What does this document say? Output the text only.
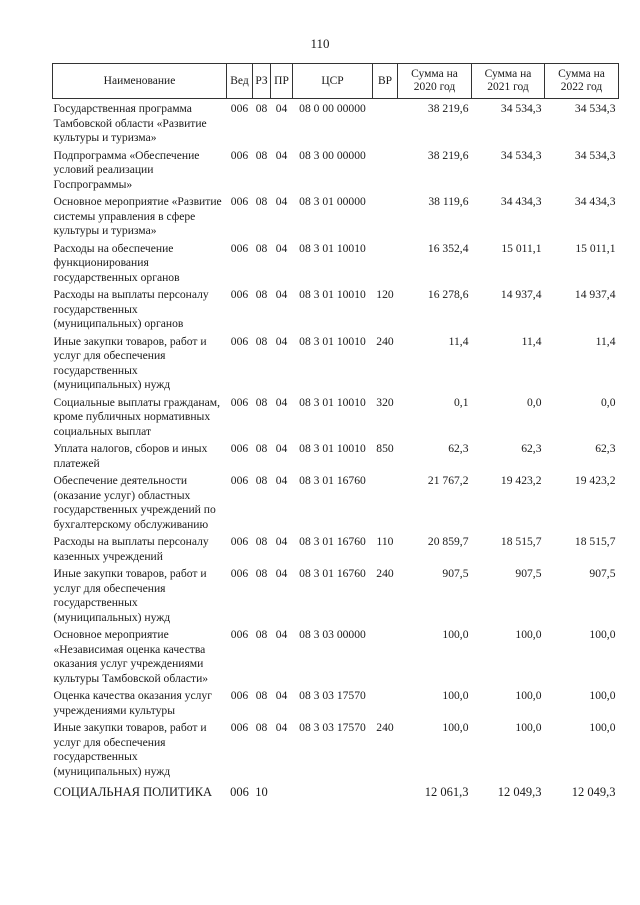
110
Наименование	Вед	РЗ	ПР	ЦСР	ВР	Сумма на 2020 год	Сумма на 2021 год	Сумма на 2022 год
Государственная программа Тамбовской области «Развитие культуры и туризма»	006	08	04	08 0 00 00000		38 219,6	34 534,3	34 534,3
Подпрограмма «Обеспечение условий реализации Госпрограммы»	006	08	04	08 3 00 00000		38 219,6	34 534,3	34 534,3
Основное мероприятие «Развитие системы управления в сфере культуры и туризма»	006	08	04	08 3 01 00000		38 119,6	34 434,3	34 434,3
Расходы на обеспечение функционирования государственных органов	006	08	04	08 3 01 10010		16 352,4	15 011,1	15 011,1
Расходы на выплаты персоналу государственных (муниципальных) органов	006	08	04	08 3 01 10010	120	16 278,6	14 937,4	14 937,4
Иные закупки товаров, работ и услуг для обеспечения государственных (муниципальных) нужд	006	08	04	08 3 01 10010	240	11,4	11,4	11,4
Социальные выплаты гражданам, кроме публичных нормативных социальных выплат	006	08	04	08 3 01 10010	320	0,1	0,0	0,0
Уплата налогов, сборов и иных платежей	006	08	04	08 3 01 10010	850	62,3	62,3	62,3
Обеспечение деятельности (оказание услуг) областных государственных учреждений по бухгалтерскому обслуживанию	006	08	04	08 3 01 16760		21 767,2	19 423,2	19 423,2
Расходы на выплаты персоналу казенных учреждений	006	08	04	08 3 01 16760	110	20 859,7	18 515,7	18 515,7
Иные закупки товаров, работ и услуг для обеспечения государственных (муниципальных) нужд	006	08	04	08 3 01 16760	240	907,5	907,5	907,5
Основное мероприятие «Независимая оценка качества оказания услуг учреждениями культуры Тамбовской области»	006	08	04	08 3 03 00000		100,0	100,0	100,0
Оценка качества оказания услуг учреждениями культуры	006	08	04	08 3 03 17570		100,0	100,0	100,0
Иные закупки товаров, работ и услуг для обеспечения государственных (муниципальных) нужд	006	08	04	08 3 03 17570	240	100,0	100,0	100,0
СОЦИАЛЬНАЯ ПОЛИТИКА	006	10				12 061,3	12 049,3	12 049,3
